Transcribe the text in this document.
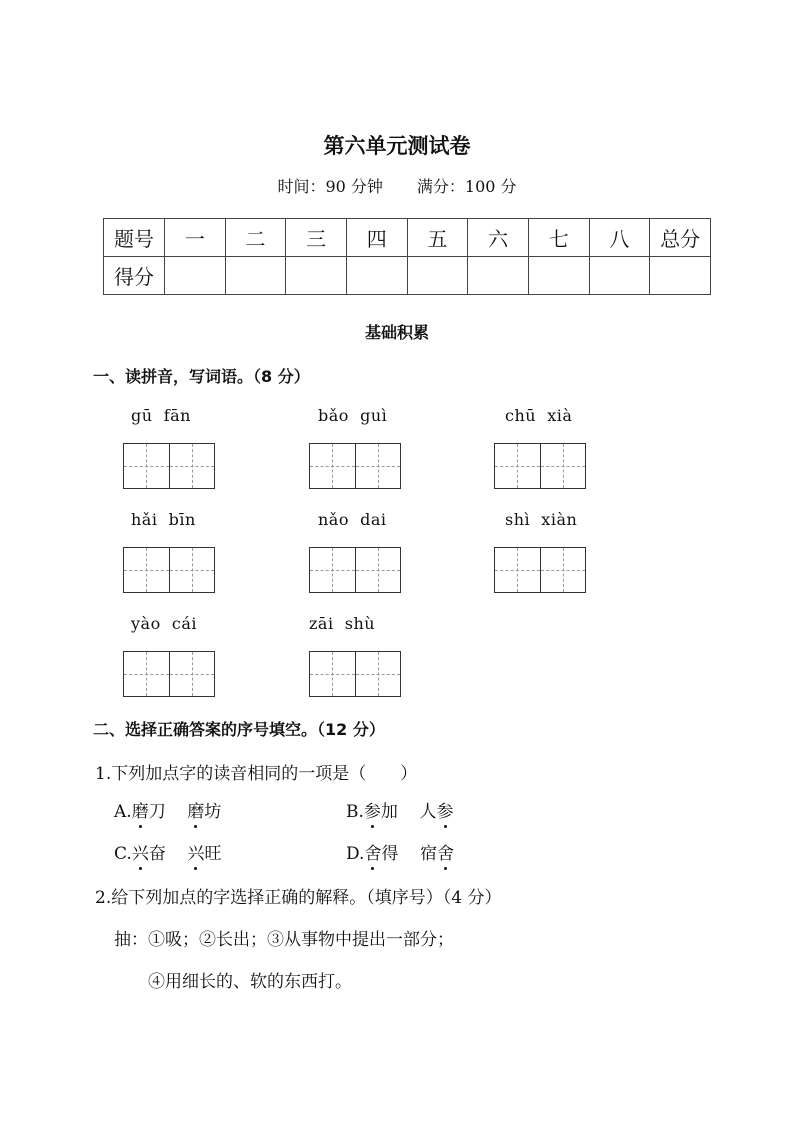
第六单元测试卷
时间：90 分钟 满分：100 分
题号	一	二	三	四	五	六	七	八	总分
得分									
基础积累
一、读拼音，写词语。（8 分）
gū  fān	bǎo  guì	chū  xià
hǎi  bīn	nǎo  dai	shì  xiàn
yào  cái	zāi  shù
二、选择正确答案的序号填空。（12 分）
1.下列加点字的读音相同的一项是（　　）
A.磨刀 磨坊	B.参加 人参
C.兴奋 兴旺	D.舍得 宿舍
2.给下列加点的字选择正确的解释。（填序号）（4 分）
抽：①吸；②长出；③从事物中提出一部分；
④用细长的、软的东西打。
